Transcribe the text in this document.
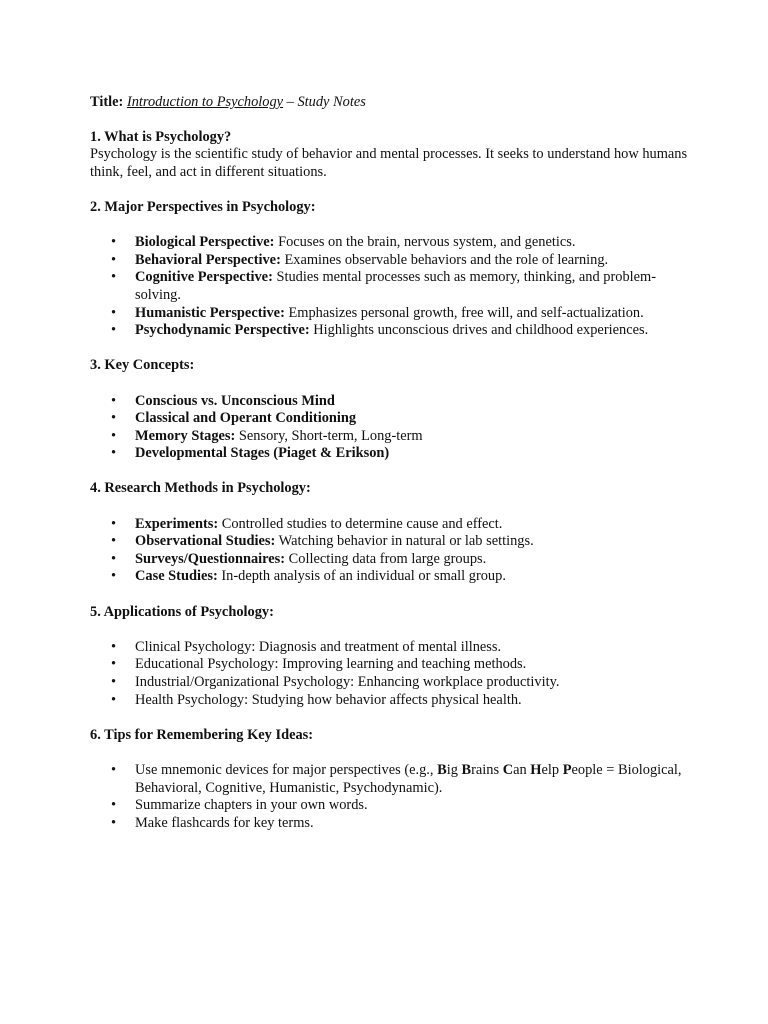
Title: Introduction to Psychology – Study Notes

1. What is Psychology?

Psychology is the scientific study of behavior and mental processes. It seeks to understand how humans think, feel, and act in different situations.

2. Major Perspectives in Psychology:

• Biological Perspective: Focuses on the brain, nervous system, and genetics.
• Behavioral Perspective: Examines observable behaviors and the role of learning.
• Cognitive Perspective: Studies mental processes such as memory, thinking, and problem-solving.
• Humanistic Perspective: Emphasizes personal growth, free will, and self-actualization.
• Psychodynamic Perspective: Highlights unconscious drives and childhood experiences.

3. Key Concepts:

• Conscious vs. Unconscious Mind
• Classical and Operant Conditioning
• Memory Stages: Sensory, Short-term, Long-term
• Developmental Stages (Piaget & Erikson)

4. Research Methods in Psychology:

• Experiments: Controlled studies to determine cause and effect.
• Observational Studies: Watching behavior in natural or lab settings.
• Surveys/Questionnaires: Collecting data from large groups.
• Case Studies: In-depth analysis of an individual or small group.

5. Applications of Psychology:

• Clinical Psychology: Diagnosis and treatment of mental illness.
• Educational Psychology: Improving learning and teaching methods.
• Industrial/Organizational Psychology: Enhancing workplace productivity.
• Health Psychology: Studying how behavior affects physical health.

6. Tips for Remembering Key Ideas:

• Use mnemonic devices for major perspectives (e.g., Big Brains Can Help People = Biological, Behavioral, Cognitive, Humanistic, Psychodynamic).
• Summarize chapters in your own words.
• Make flashcards for key terms.
